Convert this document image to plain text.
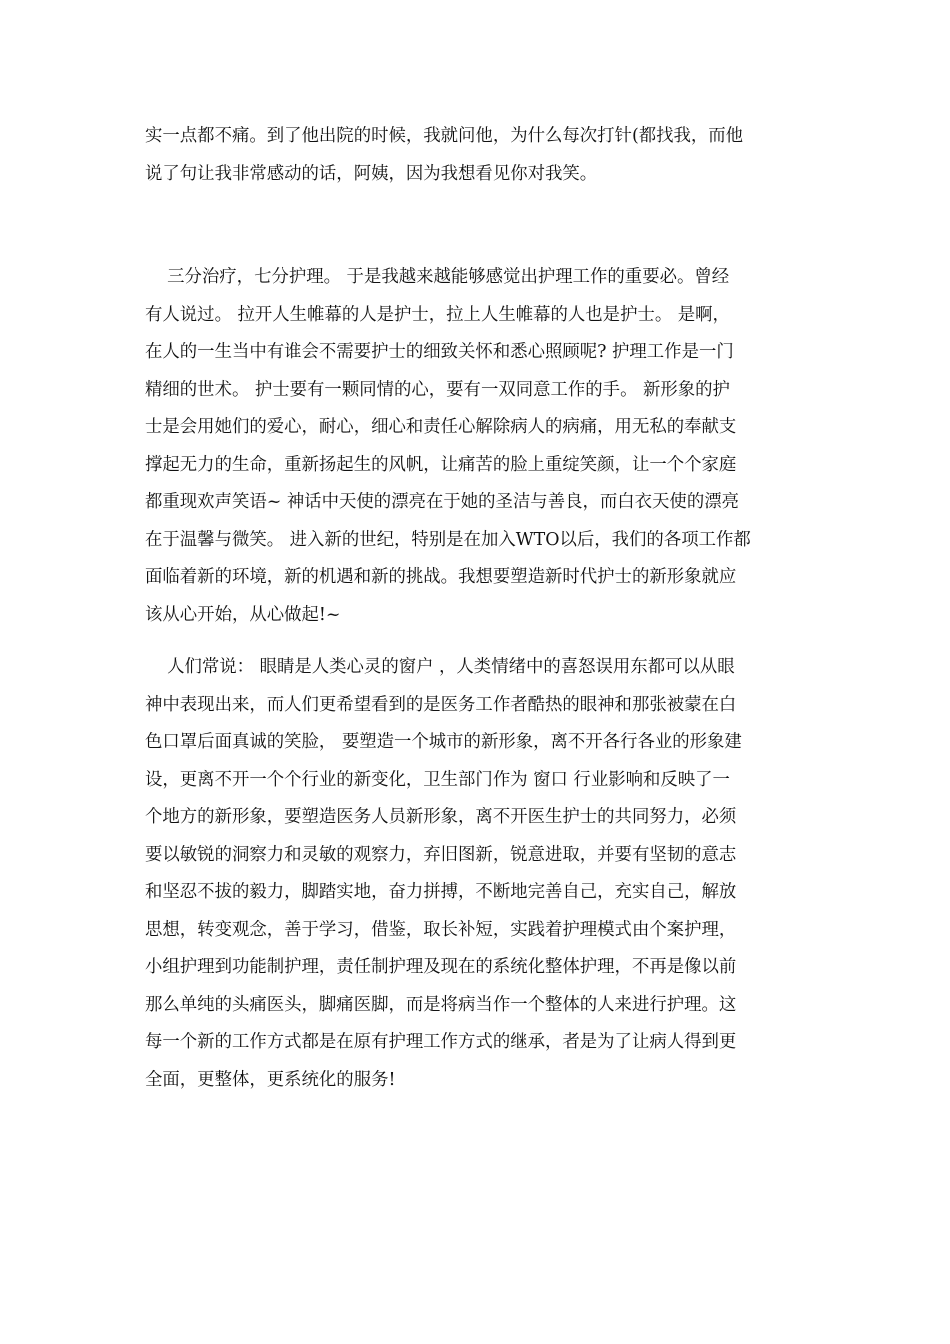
实一点都不痛。到了他出院的时候，我就问他，为什么每次打针(都找我，而他
说了句让我非常感动的话，阿姨，因为我想看见你对我笑。

三分治疗，七分护理。 于是我越来越能够感觉出护理工作的重要必。曾经
有人说过。 拉开人生帷幕的人是护士，拉上人生帷幕的人也是护士。 是啊，
在人的一生当中有谁会不需要护士的细致关怀和悉心照顾呢? 护理工作是一门
精细的世术。 护士要有一颗同情的心，要有一双同意工作的手。 新形象的护
士是会用她们的爱心，耐心，细心和责任心解除病人的病痛，用无私的奉献支
撑起无力的生命，重新扬起生的风帆，让痛苦的脸上重绽笑颜，让一个个家庭
都重现欢声笑语~ 神话中天使的漂亮在于她的圣洁与善良，而白衣天使的漂亮
在于温馨与微笑。 进入新的世纪，特别是在加入WTO以后，我们的各项工作都
面临着新的环境，新的机遇和新的挑战。我想要塑造新时代护士的新形象就应
该从心开始，从心做起!~

人们常说： 眼睛是人类心灵的窗户 ，人类情绪中的喜怒误用东都可以从眼
神中表现出来，而人们更希望看到的是医务工作者酷热的眼神和那张被蒙在白
色口罩后面真诚的笑脸， 要塑造一个城市的新形象，离不开各行各业的形象建
设，更离不开一个个行业的新变化，卫生部门作为 窗口 行业影响和反映了一
个地方的新形象，要塑造医务人员新形象，离不开医生护士的共同努力，必须
要以敏锐的洞察力和灵敏的观察力，弃旧图新，锐意进取，并要有坚韧的意志
和坚忍不拔的毅力，脚踏实地，奋力拼搏，不断地完善自己，充实自己，解放
思想，转变观念，善于学习，借鉴，取长补短，实践着护理模式由个案护理，
小组护理到功能制护理，责任制护理及现在的系统化整体护理，不再是像以前
那么单纯的头痛医头，脚痛医脚，而是将病当作一个整体的人来进行护理。这
每一个新的工作方式都是在原有护理工作方式的继承，者是为了让病人得到更
全面，更整体，更系统化的服务!
